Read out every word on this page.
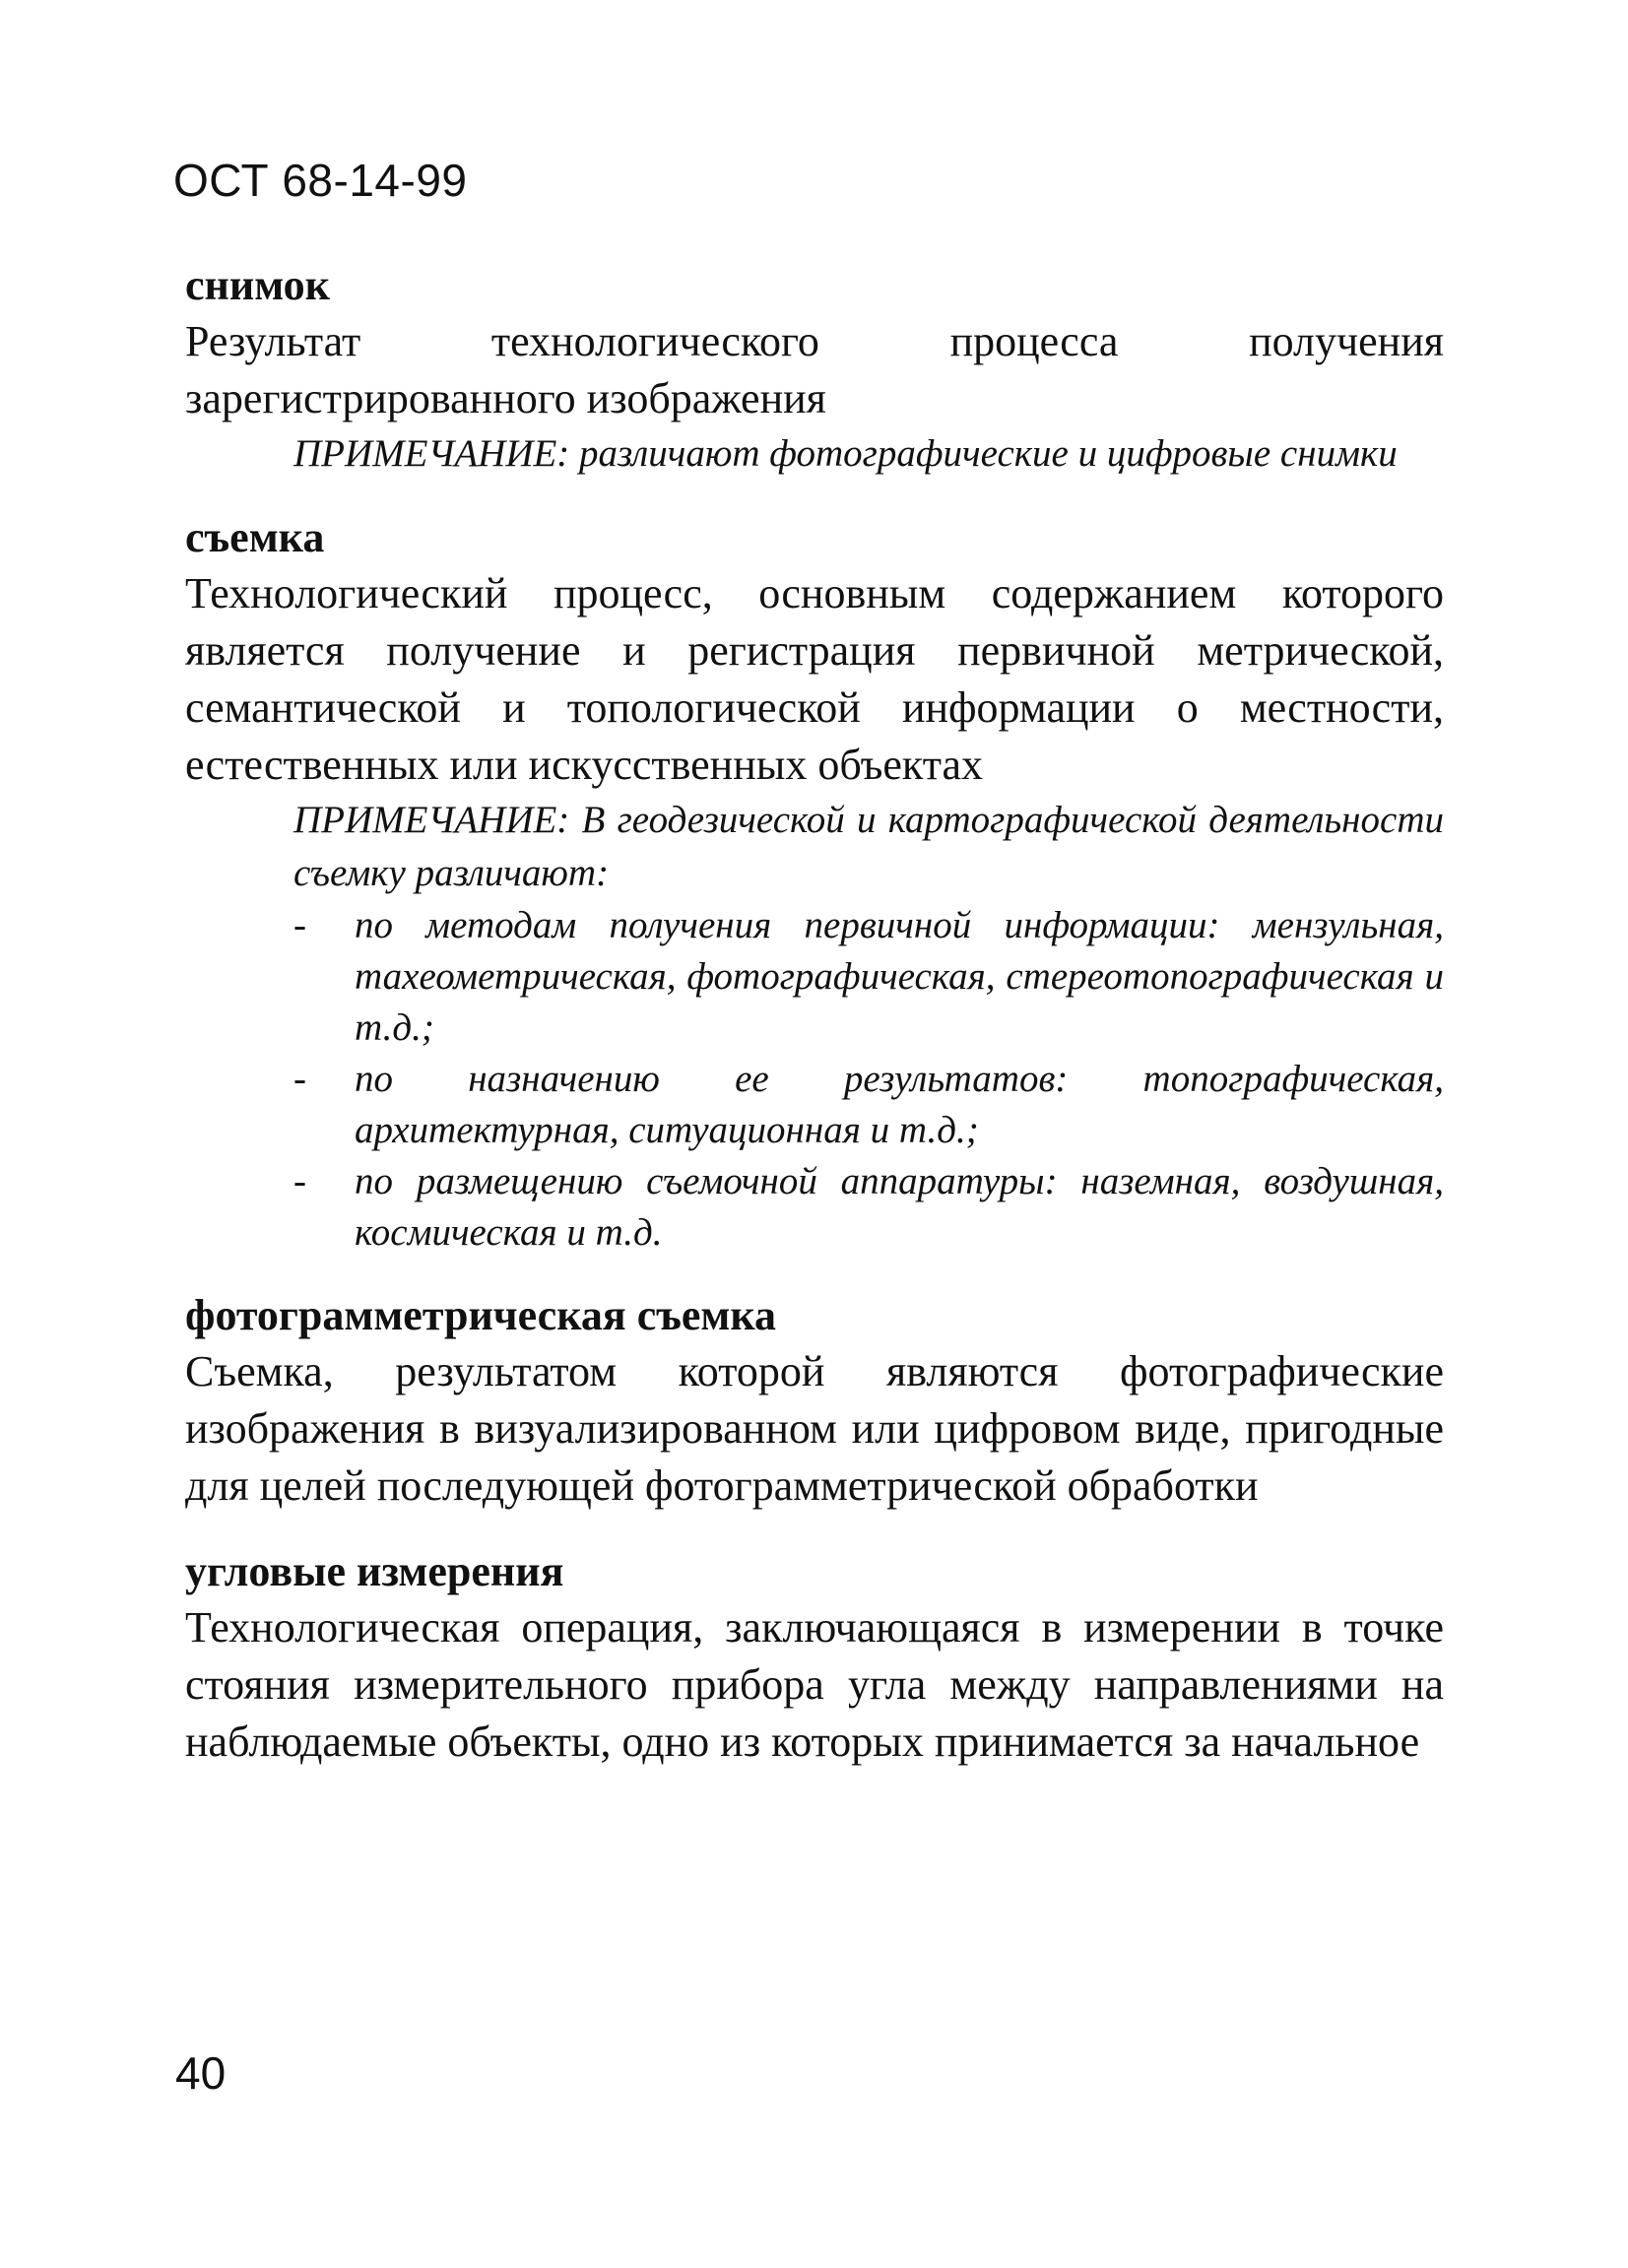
ОСТ 68-14-99

снимок

Результат технологического процесса получения зарегистрированного изображения

ПРИМЕЧАНИЕ: различают фотографические и цифровые снимки

съемка

Технологический процесс, основным содержанием которого является получение и регистрация первичной метрической, семантической и топологической информации о местности, естественных или искусственных объектах

ПРИМЕЧАНИЕ: В геодезической и картографической деятельности съемку различают:

- по методам получения первичной информации: мензульная, тахеометрическая, фотографическая, стереотопографическая и т.д.;
- по назначению ее результатов: топографическая, архитектурная, ситуационная и т.д.;
- по размещению съемочной аппаратуры: наземная, воздушная, космическая и т.д.

фотограмметрическая съемка

Съемка, результатом которой являются фотографические изображения в визуализированном или цифровом виде, пригодные для целей последующей фотограмметрической обработки

угловые измерения

Технологическая операция, заключающаяся в измерении в точке стояния измерительного прибора угла между направлениями на наблюдаемые объекты, одно из которых принимается за начальное

40
